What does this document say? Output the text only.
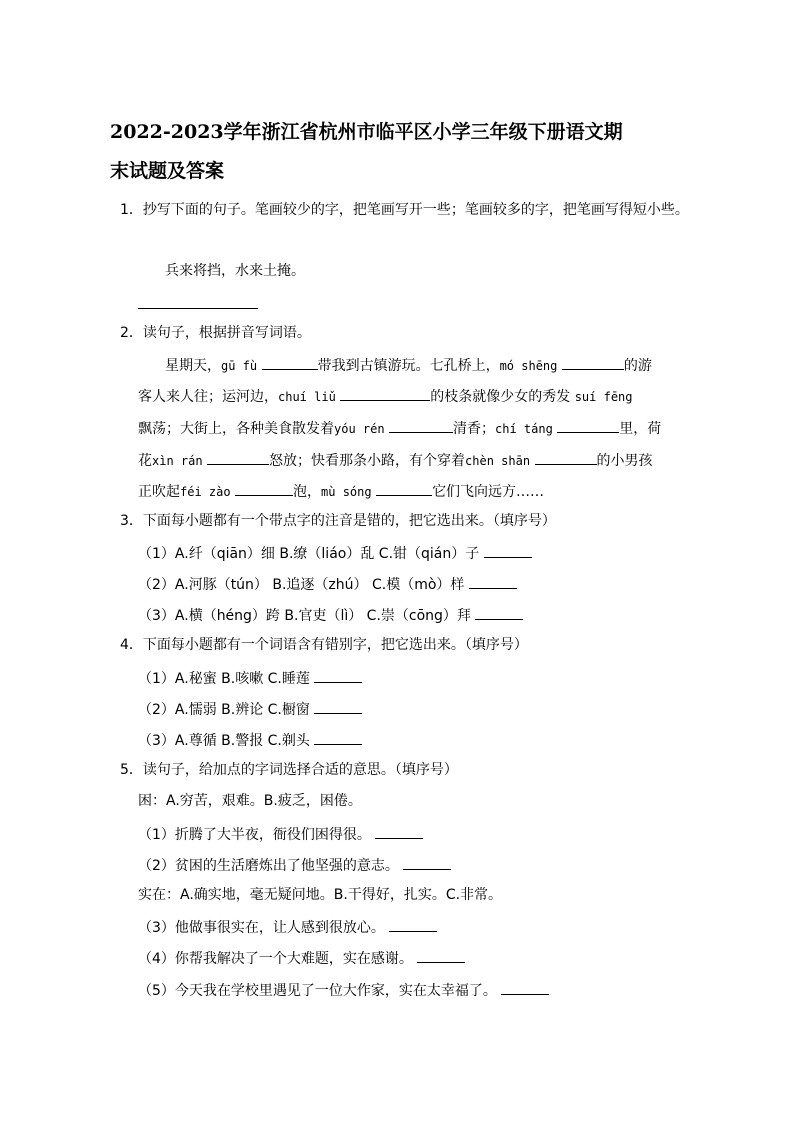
2022-2023学年浙江省杭州市临平区小学三年级下册语文期
末试题及答案
1．抄写下面的句子。笔画较少的字，把笔画写开一些；笔画较多的字，把笔画写得短小些。
兵来将挡，水来土掩。
2．读句子，根据拼音写词语。
星期天，gū fù	带我到古镇游玩。七孔桥上，mó shēng	的游
客人来人往；运河边，chuí liǔ	的枝条就像少女的秀发 suí fēng
飘荡；大街上，各种美食散发着yóu rén	清香；chí táng	里，荷
花xìn rán	怒放；快看那条小路，有个穿着chèn shān	的小男孩
正吹起féi zào	泡，mù sóng	它们飞向远方……
3．下面每小题都有一个带点字的注音是错的，把它选出来。（填序号）
（1）A.纤（qiān）细 B.缭（liáo）乱 C.钳（qián）子
（2）A.河豚（tún） B.追逐（zhú） C.模（mò）样
（3）A.横（héng）跨 B.官吏（lì） C.崇（cōng）拜
4．下面每小题都有一个词语含有错别字，把它选出来。（填序号）
（1）A.秘蜜 B.咳嗽 C.睡莲
（2）A.懦弱 B.辨论 C.橱窗
（3）A.尊循 B.警报 C.剃头
5．读句子，给加点的字词选择合适的意思。（填序号）
困：A.穷苦，艰难。B.疲乏，困倦。
（1）折腾了大半夜，衙役们困得很。
（2）贫困的生活磨炼出了他坚强的意志。
实在：A.确实地，毫无疑问地。B.干得好，扎实。C.非常。
（3）他做事很实在，让人感到很放心。
（4）你帮我解决了一个大难题，实在感谢。
（5）今天我在学校里遇见了一位大作家，实在太幸福了。
